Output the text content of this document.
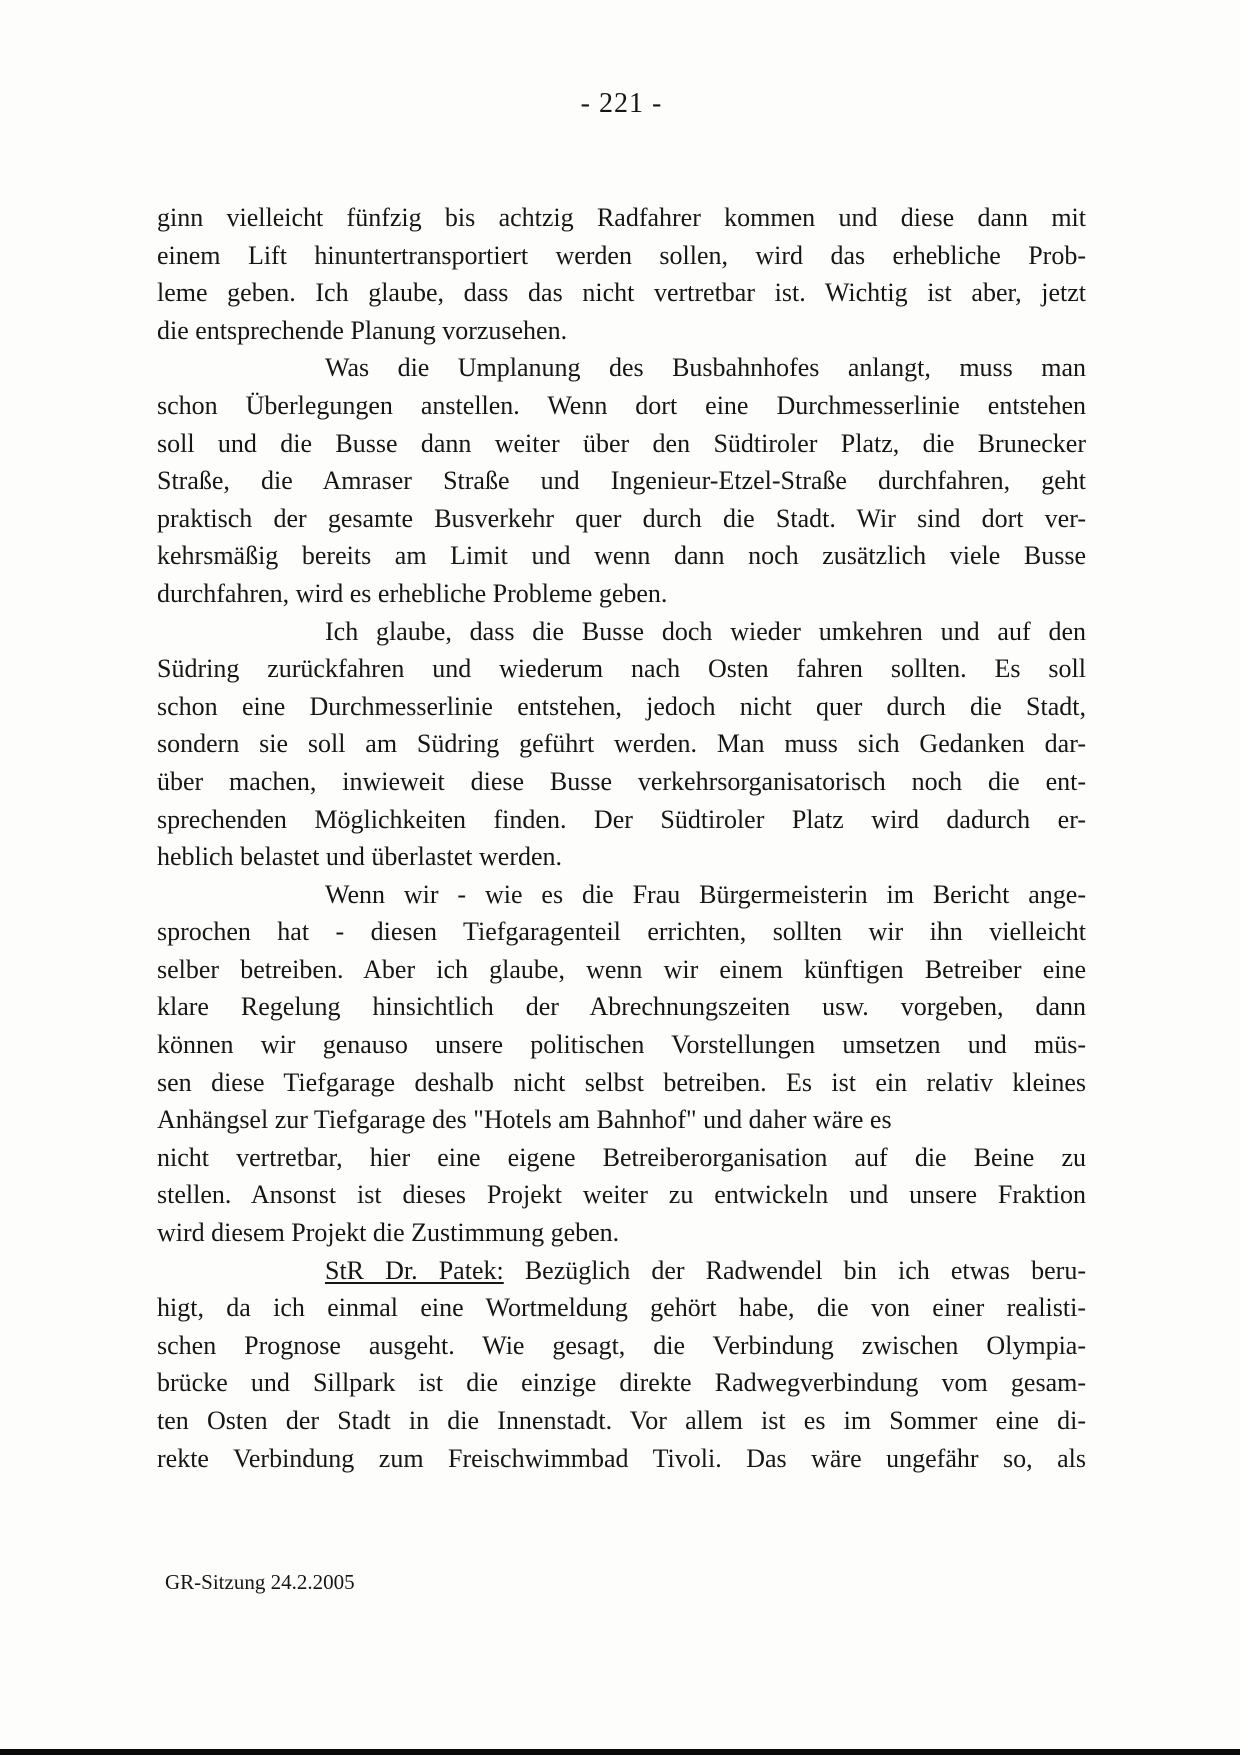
- 221 -
ginn vielleicht fünfzig bis achtzig Radfahrer kommen und diese dann mit
einem Lift hinuntertransportiert werden sollen, wird das erhebliche Prob-
leme geben. Ich glaube, dass das nicht vertretbar ist. Wichtig ist aber, jetzt
die entsprechende Planung vorzusehen.
Was die Umplanung des Busbahnhofes anlangt, muss man
schon Überlegungen anstellen. Wenn dort eine Durchmesserlinie entstehen
soll und die Busse dann weiter über den Südtiroler Platz, die Brunecker
Straße, die Amraser Straße und Ingenieur-Etzel-Straße durchfahren, geht
praktisch der gesamte Busverkehr quer durch die Stadt. Wir sind dort ver-
kehrsmäßig bereits am Limit und wenn dann noch zusätzlich viele Busse
durchfahren, wird es erhebliche Probleme geben.
Ich glaube, dass die Busse doch wieder umkehren und auf den
Südring zurückfahren und wiederum nach Osten fahren sollten. Es soll
schon eine Durchmesserlinie entstehen, jedoch nicht quer durch die Stadt,
sondern sie soll am Südring geführt werden. Man muss sich Gedanken dar-
über machen, inwieweit diese Busse verkehrsorganisatorisch noch die ent-
sprechenden Möglichkeiten finden. Der Südtiroler Platz wird dadurch er-
heblich belastet und überlastet werden.
Wenn wir - wie es die Frau Bürgermeisterin im Bericht ange-
sprochen hat - diesen Tiefgaragenteil errichten, sollten wir ihn vielleicht
selber betreiben. Aber ich glaube, wenn wir einem künftigen Betreiber eine
klare Regelung hinsichtlich der Abrechnungszeiten usw. vorgeben, dann
können wir genauso unsere politischen Vorstellungen umsetzen und müs-
sen diese Tiefgarage deshalb nicht selbst betreiben. Es ist ein relativ kleines
Anhängsel zur Tiefgarage des "Hotels am Bahnhof" und daher wäre es
nicht vertretbar, hier eine eigene Betreiberorganisation auf die Beine zu
stellen. Ansonst ist dieses Projekt weiter zu entwickeln und unsere Fraktion
wird diesem Projekt die Zustimmung geben.
StR Dr. Patek: Bezüglich der Radwendel bin ich etwas beru-
higt, da ich einmal eine Wortmeldung gehört habe, die von einer realisti-
schen Prognose ausgeht. Wie gesagt, die Verbindung zwischen Olympia-
brücke und Sillpark ist die einzige direkte Radwegverbindung vom gesam-
ten Osten der Stadt in die Innenstadt. Vor allem ist es im Sommer eine di-
rekte Verbindung zum Freischwimmbad Tivoli. Das wäre ungefähr so, als
GR-Sitzung 24.2.2005
